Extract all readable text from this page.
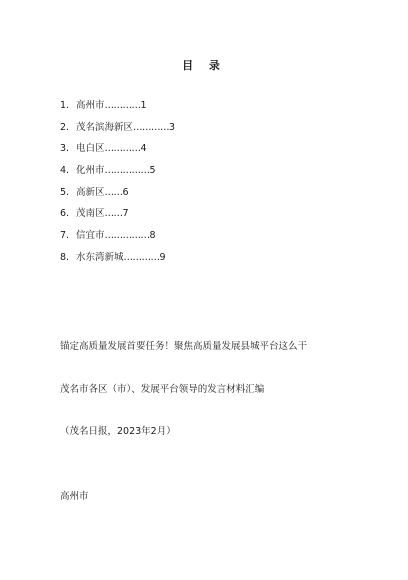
目 录
1. 高州市…………1
2. 茂名滨海新区…………3
3. 电白区…………4
4. 化州市……………5
5. 高新区……6
6. 茂南区……7
7. 信宜市……………8
8. 水东湾新城…………9
锚定高质量发展首要任务！聚焦高质量发展县城平台这么干
茂名市各区（市）、发展平台领导的发言材料汇编
（茂名日报，2023年2月）
高州市
